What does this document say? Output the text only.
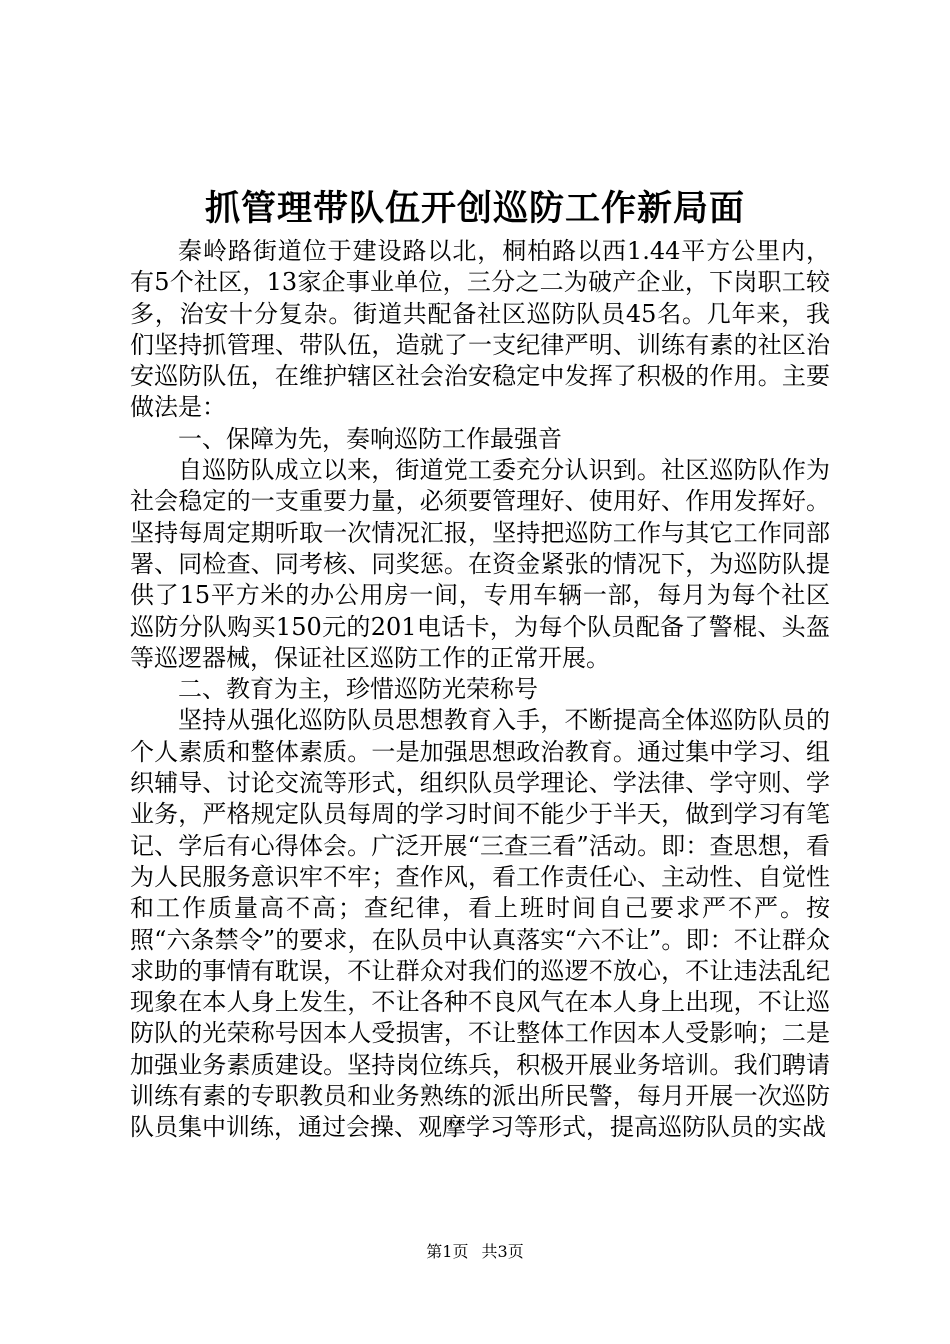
抓管理带队伍开创巡防工作新局面

秦岭路街道位于建设路以北，桐柏路以西1.44平方公里内，有5个社区，13家企事业单位，三分之二为破产企业，下岗职工较多，治安十分复杂。街道共配备社区巡防队员45名。几年来，我们坚持抓管理、带队伍，造就了一支纪律严明、训练有素的社区治安巡防队伍，在维护辖区社会治安稳定中发挥了积极的作用。主要做法是：

一、保障为先，奏响巡防工作最强音

自巡防队成立以来，街道党工委充分认识到。社区巡防队作为社会稳定的一支重要力量，必须要管理好、使用好、作用发挥好。坚持每周定期听取一次情况汇报，坚持把巡防工作与其它工作同部署、同检查、同考核、同奖惩。在资金紧张的情况下，为巡防队提供了15平方米的办公用房一间，专用车辆一部，每月为每个社区巡防分队购买150元的201电话卡，为每个队员配备了警棍、头盔等巡逻器械，保证社区巡防工作的正常开展。

二、教育为主，珍惜巡防光荣称号

坚持从强化巡防队员思想教育入手，不断提高全体巡防队员的个人素质和整体素质。一是加强思想政治教育。通过集中学习、组织辅导、讨论交流等形式，组织队员学理论、学法律、学守则、学业务，严格规定队员每周的学习时间不能少于半天，做到学习有笔记、学后有心得体会。广泛开展“三查三看”活动。即：查思想，看为人民服务意识牢不牢；查作风，看工作责任心、主动性、自觉性和工作质量高不高；查纪律，看上班时间自己要求严不严。按照“六条禁令”的要求，在队员中认真落实“六不让”。即：不让群众求助的事情有耽误，不让群众对我们的巡逻不放心，不让违法乱纪现象在本人身上发生，不让各种不良风气在本人身上出现，不让巡防队的光荣称号因本人受损害，不让整体工作因本人受影响；二是加强业务素质建设。坚持岗位练兵，积极开展业务培训。我们聘请训练有素的专职教员和业务熟练的派出所民警，每月开展一次巡防队员集中训练，通过会操、观摩学习等形式，提高巡防队员的实战

第1页 共3页
